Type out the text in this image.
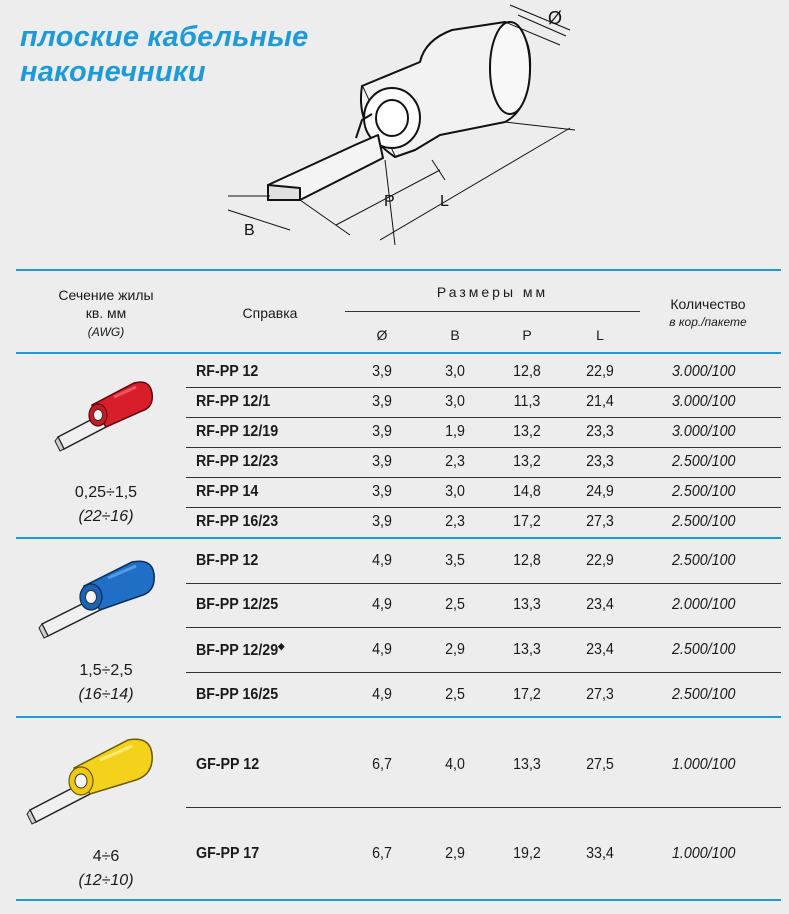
плоские кабельные
наконечники
Ø
P	L
B
Сечение жилы
кв. мм
(AWG)
Справка
Размеры мм
Ø	B	P	L
Количество
в кор./пакете
0,25÷1,5
(22÷16)
1,5÷2,5
(16÷14)
4÷6
(12÷10)
RF-PP 12	3,9	3,0	12,8	22,9	3.000/100
RF-PP 12/1	3,9	3,0	11,3	21,4	3.000/100
RF-PP 12/19	3,9	1,9	13,2	23,3	3.000/100
RF-PP 12/23	3,9	2,3	13,2	23,3	2.500/100
RF-PP 14	3,9	3,0	14,8	24,9	2.500/100
RF-PP 16/23	3,9	2,3	17,2	27,3	2.500/100
BF-PP 12	4,9	3,5	12,8	22,9	2.500/100
BF-PP 12/25	4,9	2,5	13,3	23,4	2.000/100
BF-PP 12/29◆	4,9	2,9	13,3	23,4	2.500/100
BF-PP 16/25	4,9	2,5	17,2	27,3	2.500/100
GF-PP 12	6,7	4,0	13,3	27,5	1.000/100
GF-PP 17	6,7	2,9	19,2	33,4	1.000/100
